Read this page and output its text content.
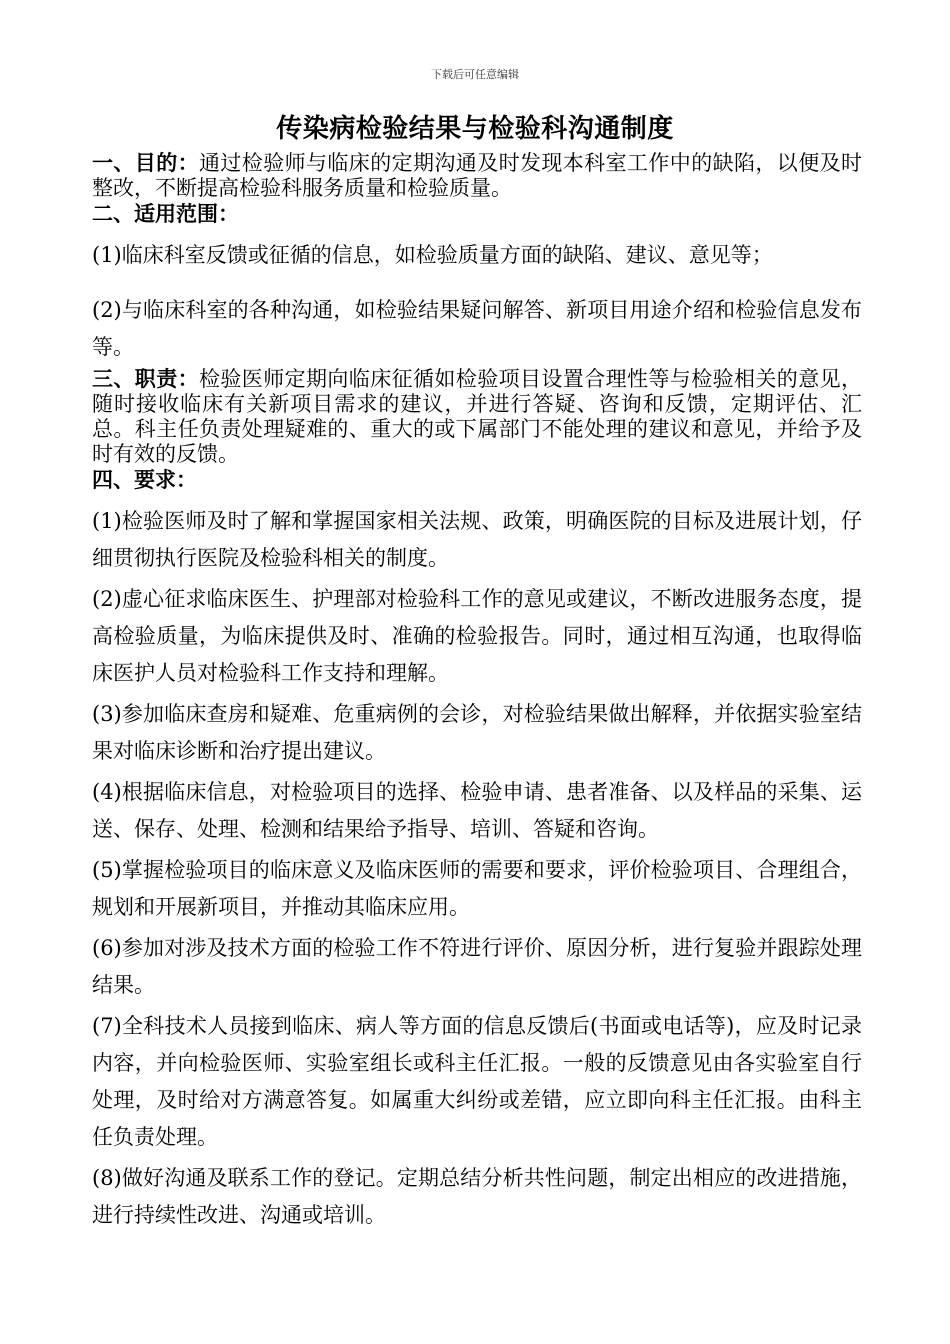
下载后可任意编辑
传染病检验结果与检验科沟通制度

一、目的：通过检验师与临床的定期沟通及时发现本科室工作中的缺陷，以便及时整改，不断提高检验科服务质量和检验质量。

二、适用范围：

(1)临床科室反馈或征循的信息，如检验质量方面的缺陷、建议、意见等；

(2)与临床科室的各种沟通，如检验结果疑问解答、新项目用途介绍和检验信息发布等。

三、职责：检验医师定期向临床征循如检验项目设置合理性等与检验相关的意见，随时接收临床有关新项目需求的建议，并进行答疑、咨询和反馈，定期评估、汇总。科主任负责处理疑难的、重大的或下属部门不能处理的建议和意见，并给予及时有效的反馈。

四、要求：

(1)检验医师及时了解和掌握国家相关法规、政策，明确医院的目标及进展计划，仔细贯彻执行医院及检验科相关的制度。

(2)虚心征求临床医生、护理部对检验科工作的意见或建议，不断改进服务态度，提高检验质量，为临床提供及时、准确的检验报告。同时，通过相互沟通，也取得临床医护人员对检验科工作支持和理解。

(3)参加临床查房和疑难、危重病例的会诊，对检验结果做出解释，并依据实验室结果对临床诊断和治疗提出建议。

(4)根据临床信息，对检验项目的选择、检验申请、患者准备、以及样品的采集、运送、保存、处理、检测和结果给予指导、培训、答疑和咨询。

(5)掌握检验项目的临床意义及临床医师的需要和要求，评价检验项目、合理组合，规划和开展新项目，并推动其临床应用。

(6)参加对涉及技术方面的检验工作不符进行评价、原因分析，进行复验并跟踪处理结果。

(7)全科技术人员接到临床、病人等方面的信息反馈后(书面或电话等)，应及时记录内容，并向检验医师、实验室组长或科主任汇报。一般的反馈意见由各实验室自行处理，及时给对方满意答复。如属重大纠纷或差错，应立即向科主任汇报。由科主任负责处理。

(8)做好沟通及联系工作的登记。定期总结分析共性问题，制定出相应的改进措施，进行持续性改进、沟通或培训。
